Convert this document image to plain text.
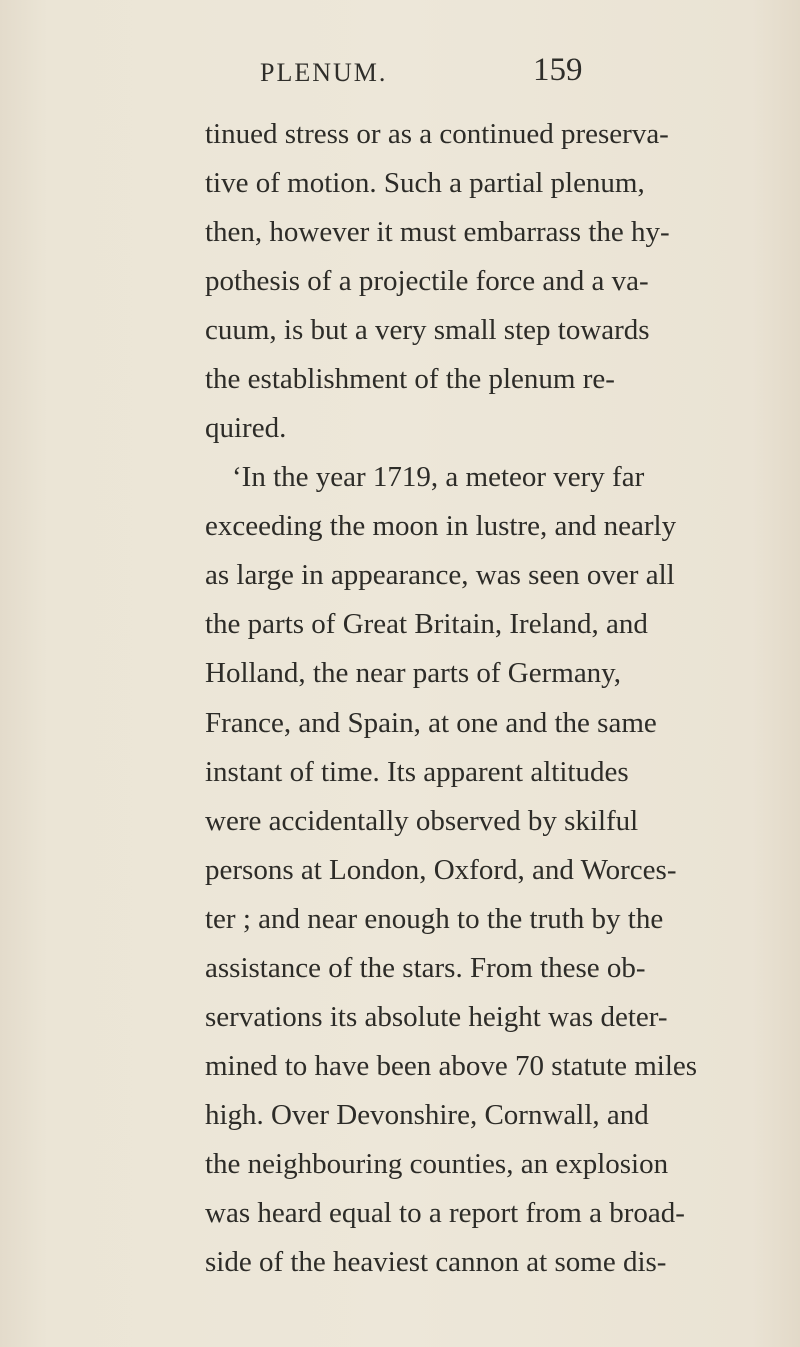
PLENUM.	159
tinued stress or as a continued preserva-
tive of motion. Such a partial plenum,
then, however it must embarrass the hy-
pothesis of a projectile force and a va-
cuum, is but a very small step towards
the establishment of the plenum re-
quired.
‘In the year 1719, a meteor very far
exceeding the moon in lustre, and nearly
as large in appearance, was seen over all
the parts of Great Britain, Ireland, and
Holland, the near parts of Germany,
France, and Spain, at one and the same
instant of time. Its apparent altitudes
were accidentally observed by skilful
persons at London, Oxford, and Worces-
ter ; and near enough to the truth by the
assistance of the stars. From these ob-
servations its absolute height was deter-
mined to have been above 70 statute miles
high. Over Devonshire, Cornwall, and
the neighbouring counties, an explosion
was heard equal to a report from a broad-
side of the heaviest cannon at some dis-
